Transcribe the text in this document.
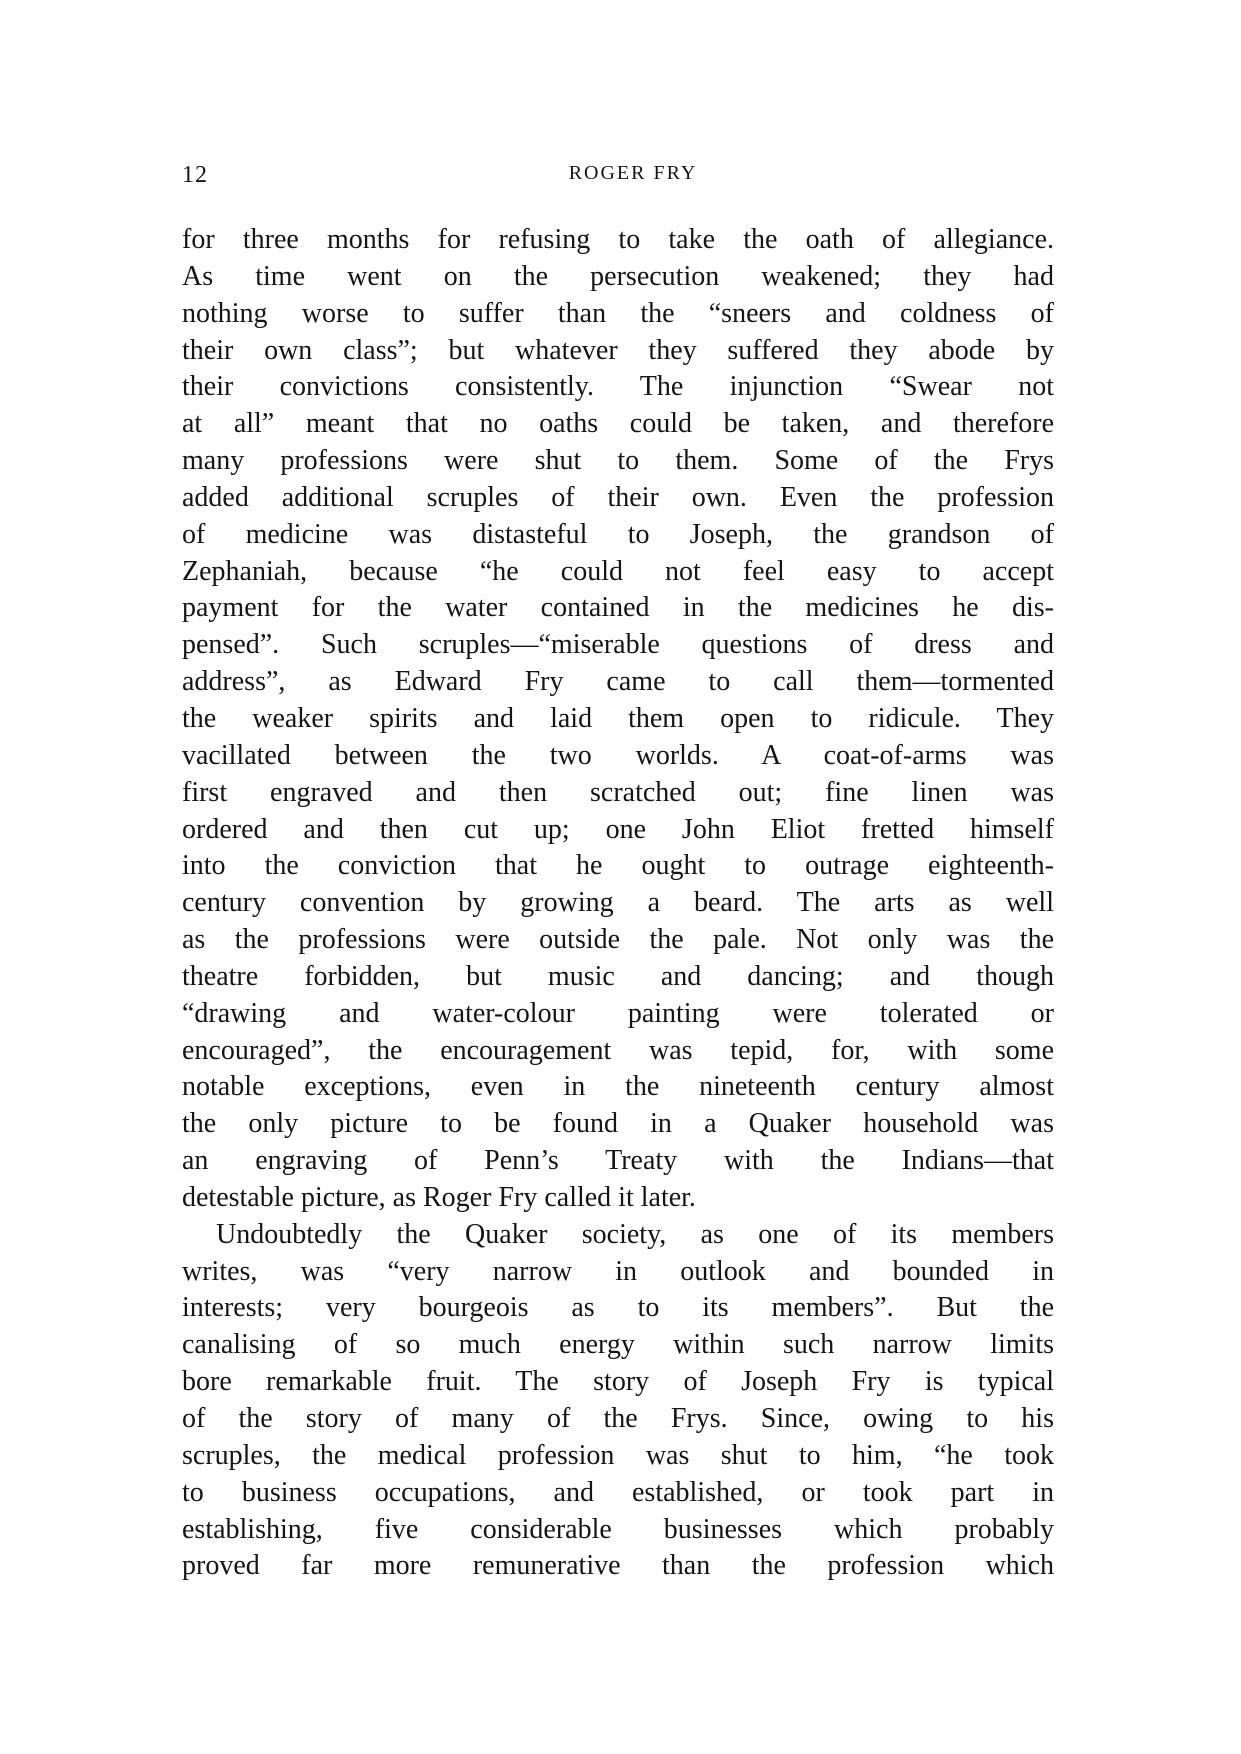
12	ROGER FRY
for three months for refusing to take the oath of allegiance.
As time went on the persecution weakened; they had
nothing worse to suffer than the “sneers and coldness of
their own class”; but whatever they suffered they abode by
their convictions consistently. The injunction “Swear not
at all” meant that no oaths could be taken, and therefore
many professions were shut to them. Some of the Frys
added additional scruples of their own. Even the profession
of medicine was distasteful to Joseph, the grandson of
Zephaniah, because “he could not feel easy to accept
payment for the water contained in the medicines he dis-
pensed”. Such scruples—“miserable questions of dress and
address”, as Edward Fry came to call them—tormented
the weaker spirits and laid them open to ridicule. They
vacillated between the two worlds. A coat-of-arms was
first engraved and then scratched out; fine linen was
ordered and then cut up; one John Eliot fretted himself
into the conviction that he ought to outrage eighteenth-
century convention by growing a beard. The arts as well
as the professions were outside the pale. Not only was the
theatre forbidden, but music and dancing; and though
“drawing and water-colour painting were tolerated or
encouraged”, the encouragement was tepid, for, with some
notable exceptions, even in the nineteenth century almost
the only picture to be found in a Quaker household was
an engraving of Penn’s Treaty with the Indians—that
detestable picture, as Roger Fry called it later.
Undoubtedly the Quaker society, as one of its members
writes, was “very narrow in outlook and bounded in
interests; very bourgeois as to its members”. But the
canalising of so much energy within such narrow limits
bore remarkable fruit. The story of Joseph Fry is typical
of the story of many of the Frys. Since, owing to his
scruples, the medical profession was shut to him, “he took
to business occupations, and established, or took part in
establishing, five considerable businesses which probably
proved far more remunerative than the profession which
